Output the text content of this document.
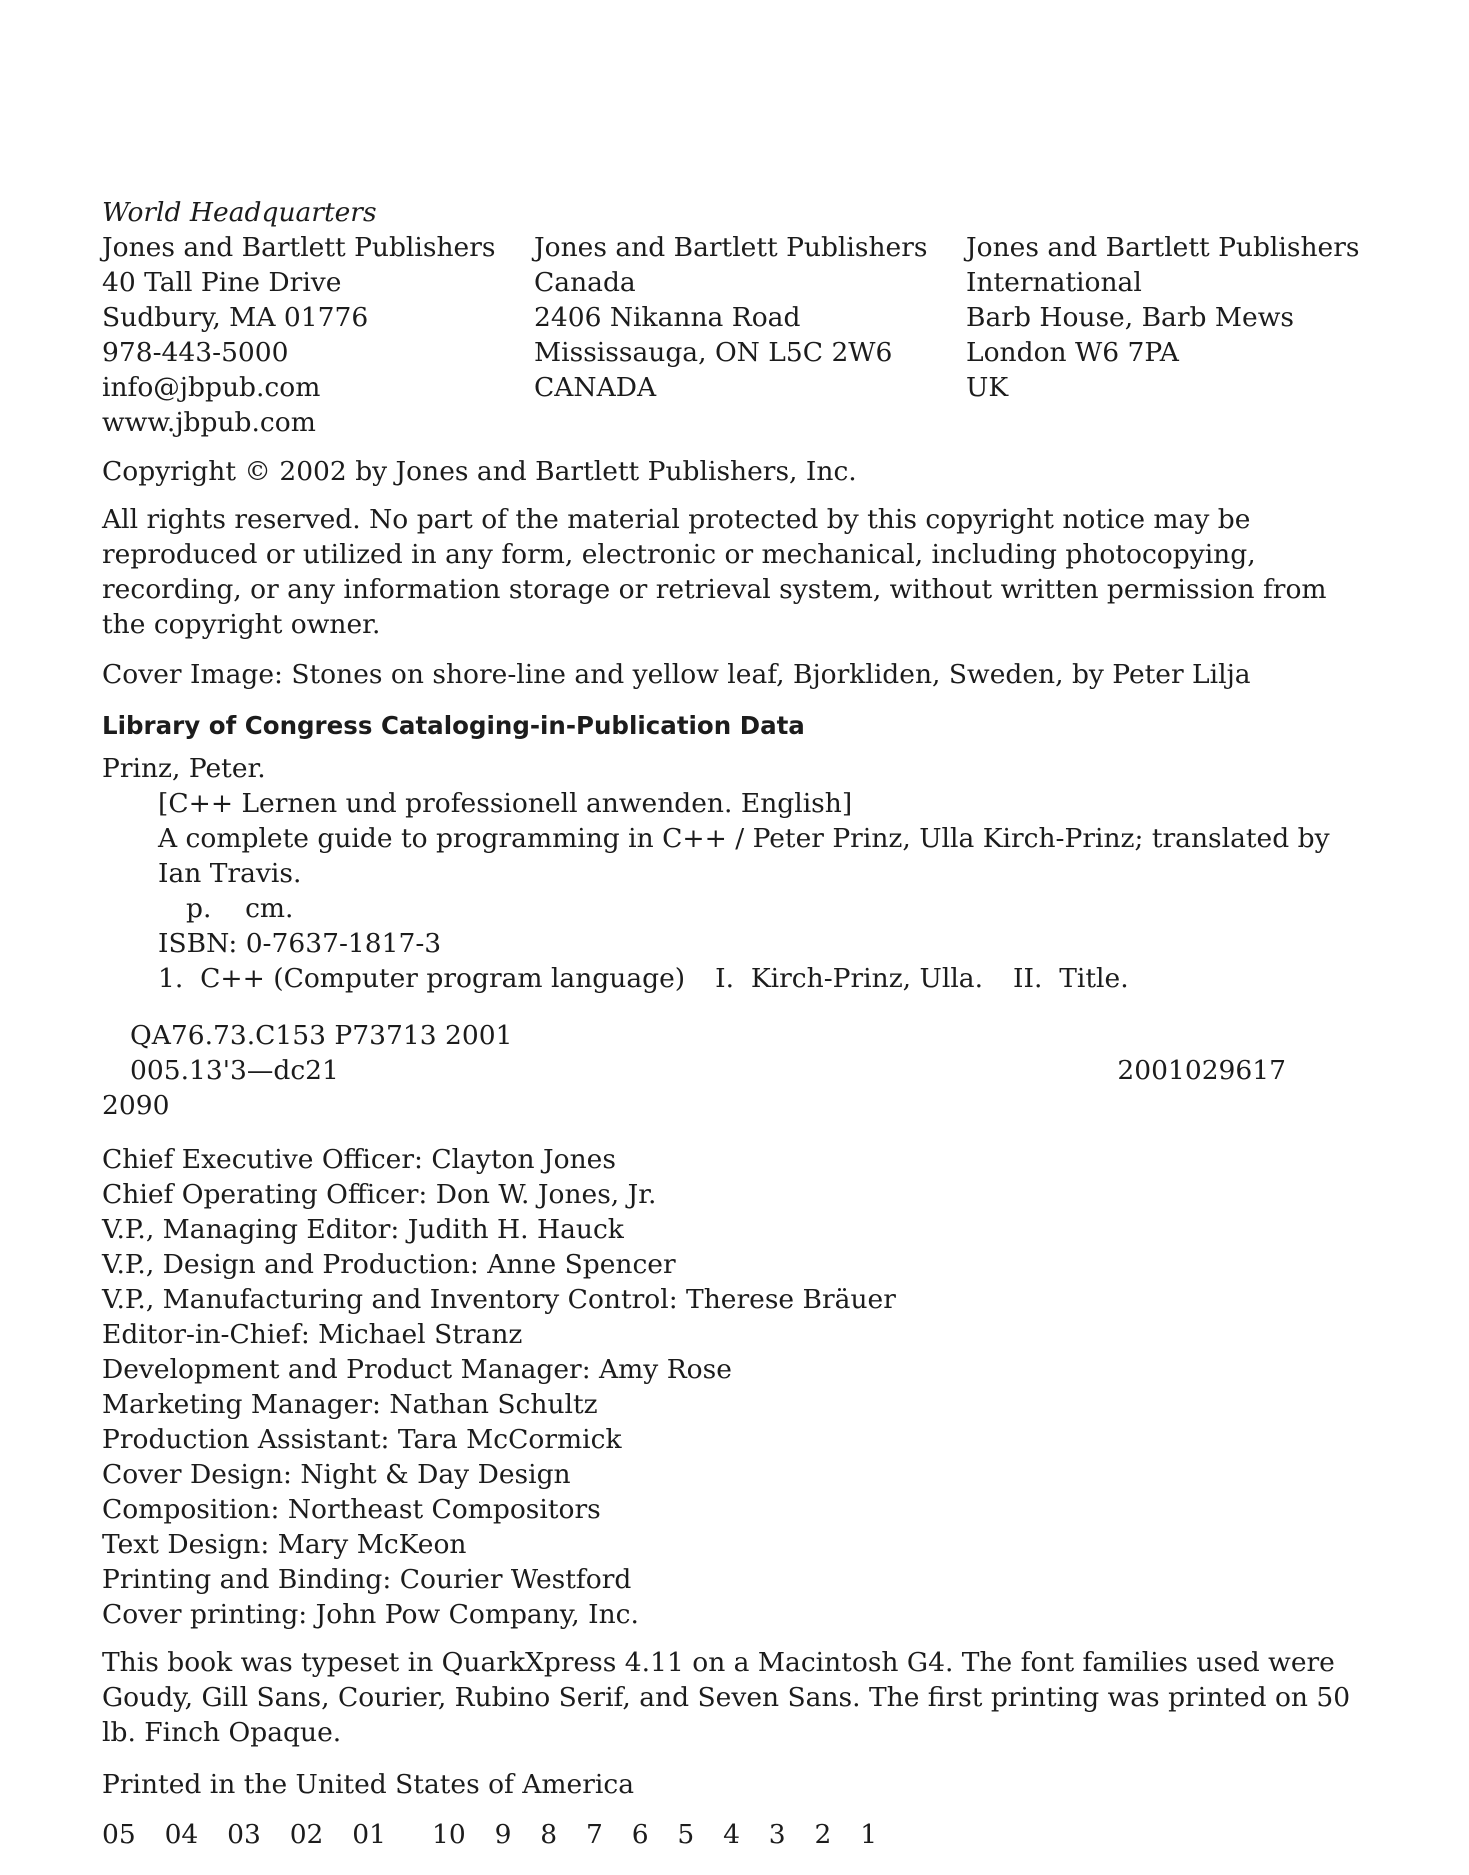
World Headquarters
Jones and Bartlett Publishers
40 Tall Pine Drive
Sudbury, MA 01776
978-443-5000
info@jbpub.com
www.jbpub.com
Jones and Bartlett Publishers
Canada
2406 Nikanna Road
Mississauga, ON L5C 2W6
CANADA
Jones and Bartlett Publishers
International
Barb House, Barb Mews
London W6 7PA
UK

Copyright © 2002 by Jones and Bartlett Publishers, Inc.

All rights reserved. No part of the material protected by this copyright notice may be reproduced or utilized in any form, electronic or mechanical, including photocopying, recording, or any information storage or retrieval system, without written permission from the copyright owner.

Cover Image: Stones on shore-line and yellow leaf, Bjorkliden, Sweden, by Peter Lilja

Library of Congress Cataloging-in-Publication Data
Prinz, Peter.
[C++ Lernen und professionell anwenden. English]
A complete guide to programming in C++ / Peter Prinz, Ulla Kirch-Prinz; translated by Ian Travis.
p.    cm.
ISBN: 0-7637-1817-3
1.  C++ (Computer program language) I.  Kirch-Prinz, Ulla. II.  Title.
QA76.73.C153 P73713 2001
005.13'3—dc21	2001029617
2090
Chief Executive Officer: Clayton Jones
Chief Operating Officer: Don W. Jones, Jr.
V.P., Managing Editor: Judith H. Hauck
V.P., Design and Production: Anne Spencer
V.P., Manufacturing and Inventory Control: Therese Bräuer
Editor-in-Chief: Michael Stranz
Development and Product Manager: Amy Rose
Marketing Manager: Nathan Schultz
Production Assistant: Tara McCormick
Cover Design: Night & Day Design
Composition: Northeast Compositors
Text Design: Mary McKeon
Printing and Binding: Courier Westford
Cover printing: John Pow Company, Inc.

This book was typeset in QuarkXpress 4.11 on a Macintosh G4. The font families used were Goudy, Gill Sans, Courier, Rubino Serif, and Seven Sans. The first printing was printed on 50 lb. Finch Opaque.

Printed in the United States of America

05  04  03  02  01 10  9  8  7  6  5  4  3  2  1
